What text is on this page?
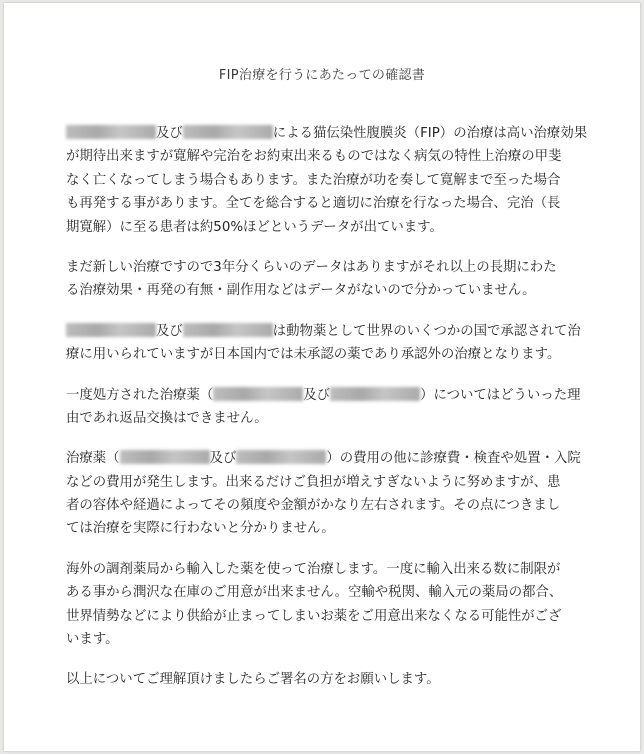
FIP治療を行うにあたっての確認書
及び	による猫伝染性腹膜炎（FIP）の治療は高い治療効果
が期待出来ますが寛解や完治をお約束出来るものではなく病気の特性上治療の甲斐
なく亡くなってしまう場合もあります。また治療が功を奏して寛解まで至った場合
も再発する事があります。全てを総合すると適切に治療を行なった場合、完治（長
期寛解）に至る患者は約50%ほどというデータが出ています。
まだ新しい治療ですので3年分くらいのデータはありますがそれ以上の長期にわた
る治療効果・再発の有無・副作用などはデータがないので分かっていません。
及び	は動物薬として世界のいくつかの国で承認されて治
療に用いられていますが日本国内では未承認の薬であり承認外の治療となります。
一度処方された治療薬（	及び	）についてはどういった理
由であれ返品交換はできません。
治療薬（	及び	）の費用の他に診療費・検査や処置・入院
などの費用が発生します。出来るだけご負担が増えすぎないように努めますが、患
者の容体や経過によってその頻度や金額がかなり左右されます。その点につきまし
ては治療を実際に行わないと分かりません。
海外の調剤薬局から輸入した薬を使って治療します。一度に輸入出来る数に制限が
ある事から潤沢な在庫のご用意が出来ません。空輸や税関、輸入元の薬局の都合、
世界情勢などにより供給が止まってしまいお薬をご用意出来なくなる可能性がござ
います。
以上についてご理解頂けましたらご署名の方をお願いします。
